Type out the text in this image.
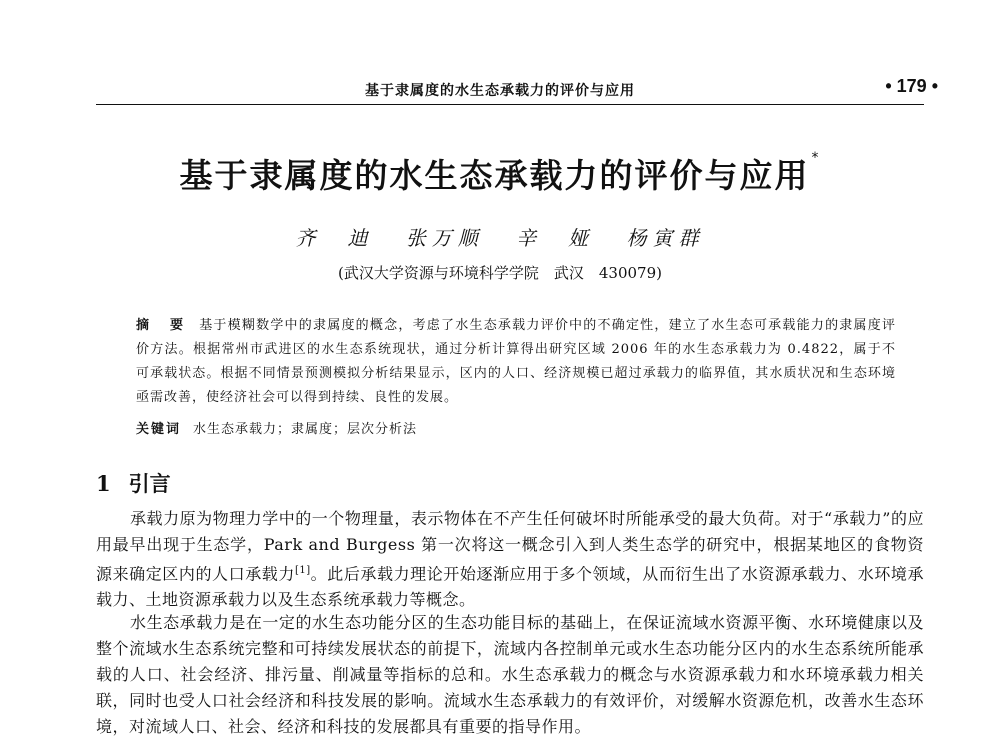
基于隶属度的水生态承载力的评价与应用	• 179 •
基于隶属度的水生态承载力的评价与应用 *
齐　迪 张万顺 辛　娅 杨寅群
(武汉大学资源与环境科学学院　武汉　430079)
摘 要 基于模糊数学中的隶属度的概念，考虑了水生态承载力评价中的不确定性，建立了水生态可承载能力的隶属度评价方法。根据常州市武进区的水生态系统现状，通过分析计算得出研究区域 2006 年的水生态承载力为 0.4822，属于不可承载状态。根据不同情景预测模拟分析结果显示，区内的人口、经济规模已超过承载力的临界值，其水质状况和生态环境亟需改善，使经济社会可以得到持续、良性的发展。
关键词 水生态承载力；隶属度；层次分析法
1 引言
承载力原为物理力学中的一个物理量，表示物体在不产生任何破坏时所能承受的最大负荷。对于“承载力”的应用最早出现于生态学，Park and Burgess 第一次将这一概念引入到人类生态学的研究中，根据某地区的食物资源来确定区内的人口承载力[1]。此后承载力理论开始逐渐应用于多个领域，从而衍生出了水资源承载力、水环境承载力、土地资源承载力以及生态系统承载力等概念。
水生态承载力是在一定的水生态功能分区的生态功能目标的基础上，在保证流域水资源平衡、水环境健康以及整个流域水生态系统完整和可持续发展状态的前提下，流域内各控制单元或水生态功能分区内的水生态系统所能承载的人口、社会经济、排污量、削减量等指标的总和。水生态承载力的概念与水资源承载力和水环境承载力相关联，同时也受人口社会经济和科技发展的影响。流域水生态承载力的有效评价，对缓解水资源危机，改善水生态环境，对流域人口、社会、经济和科技的发展都具有重要的指导作用。
